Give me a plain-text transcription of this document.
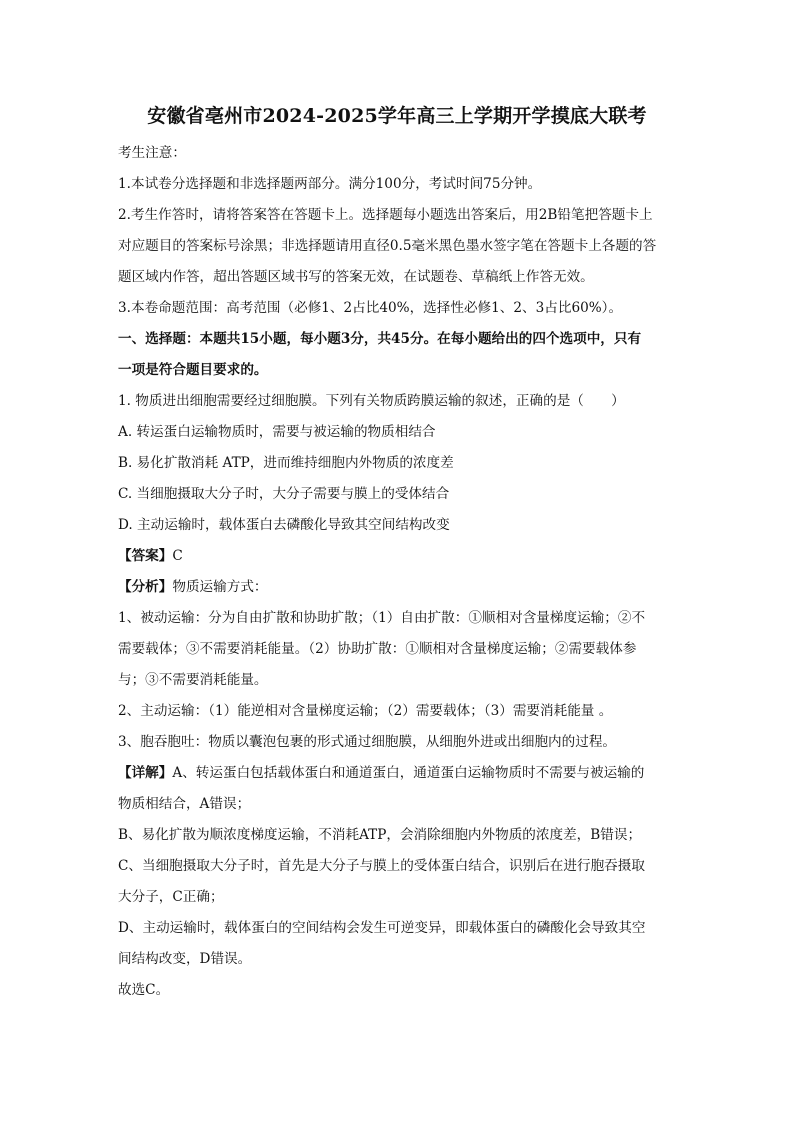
安徽省亳州市2024-2025学年高三上学期开学摸底大联考

考生注意：

1.本试卷分选择题和非选择题两部分。满分100分，考试时间75分钟。

2.考生作答时，请将答案答在答题卡上。选择题每小题选出答案后，用2B铅笔把答题卡上

对应题目的答案标号涂黑；非选择题请用直径0.5毫米黑色墨水签字笔在答题卡上各题的答

题区域内作答，超出答题区域书写的答案无效，在试题卷、草稿纸上作答无效。

3.本卷命题范围：高考范围（必修1、2占比40%，选择性必修1、2、3占比60%）。

一、选择题：本题共15小题，每小题3分，共45分。在每小题给出的四个选项中，只有

一项是符合题目要求的。

1. 物质进出细胞需要经过细胞膜。下列有关物质跨膜运输的叙述，正确的是（　　）

A. 转运蛋白运输物质时，需要与被运输的物质相结合

B. 易化扩散消耗 ATP，进而维持细胞内外物质的浓度差

C. 当细胞摄取大分子时，大分子需要与膜上的受体结合

D. 主动运输时，载体蛋白去磷酸化导致其空间结构改变

【答案】C

【分析】物质运输方式：

1、被动运输：分为自由扩散和协助扩散；（1）自由扩散：①顺相对含量梯度运输；②不

需要载体；③不需要消耗能量。（2）协助扩散：①顺相对含量梯度运输；②需要载体参

与；③不需要消耗能量。

2、主动运输：（1）能逆相对含量梯度运输；（2）需要载体；（3）需要消耗能量 。

3、胞吞胞吐：物质以囊泡包裹的形式通过细胞膜，从细胞外进或出细胞内的过程。

【详解】A、转运蛋白包括载体蛋白和通道蛋白，通道蛋白运输物质时不需要与被运输的

物质相结合，A错误；

B、易化扩散为顺浓度梯度运输，不消耗ATP，会消除细胞内外物质的浓度差，B错误；

C、当细胞摄取大分子时，首先是大分子与膜上的受体蛋白结合，识别后在进行胞吞摄取

大分子，C正确；

D、主动运输时，载体蛋白的空间结构会发生可逆变异，即载体蛋白的磷酸化会导致其空

间结构改变，D错误。

故选C。
